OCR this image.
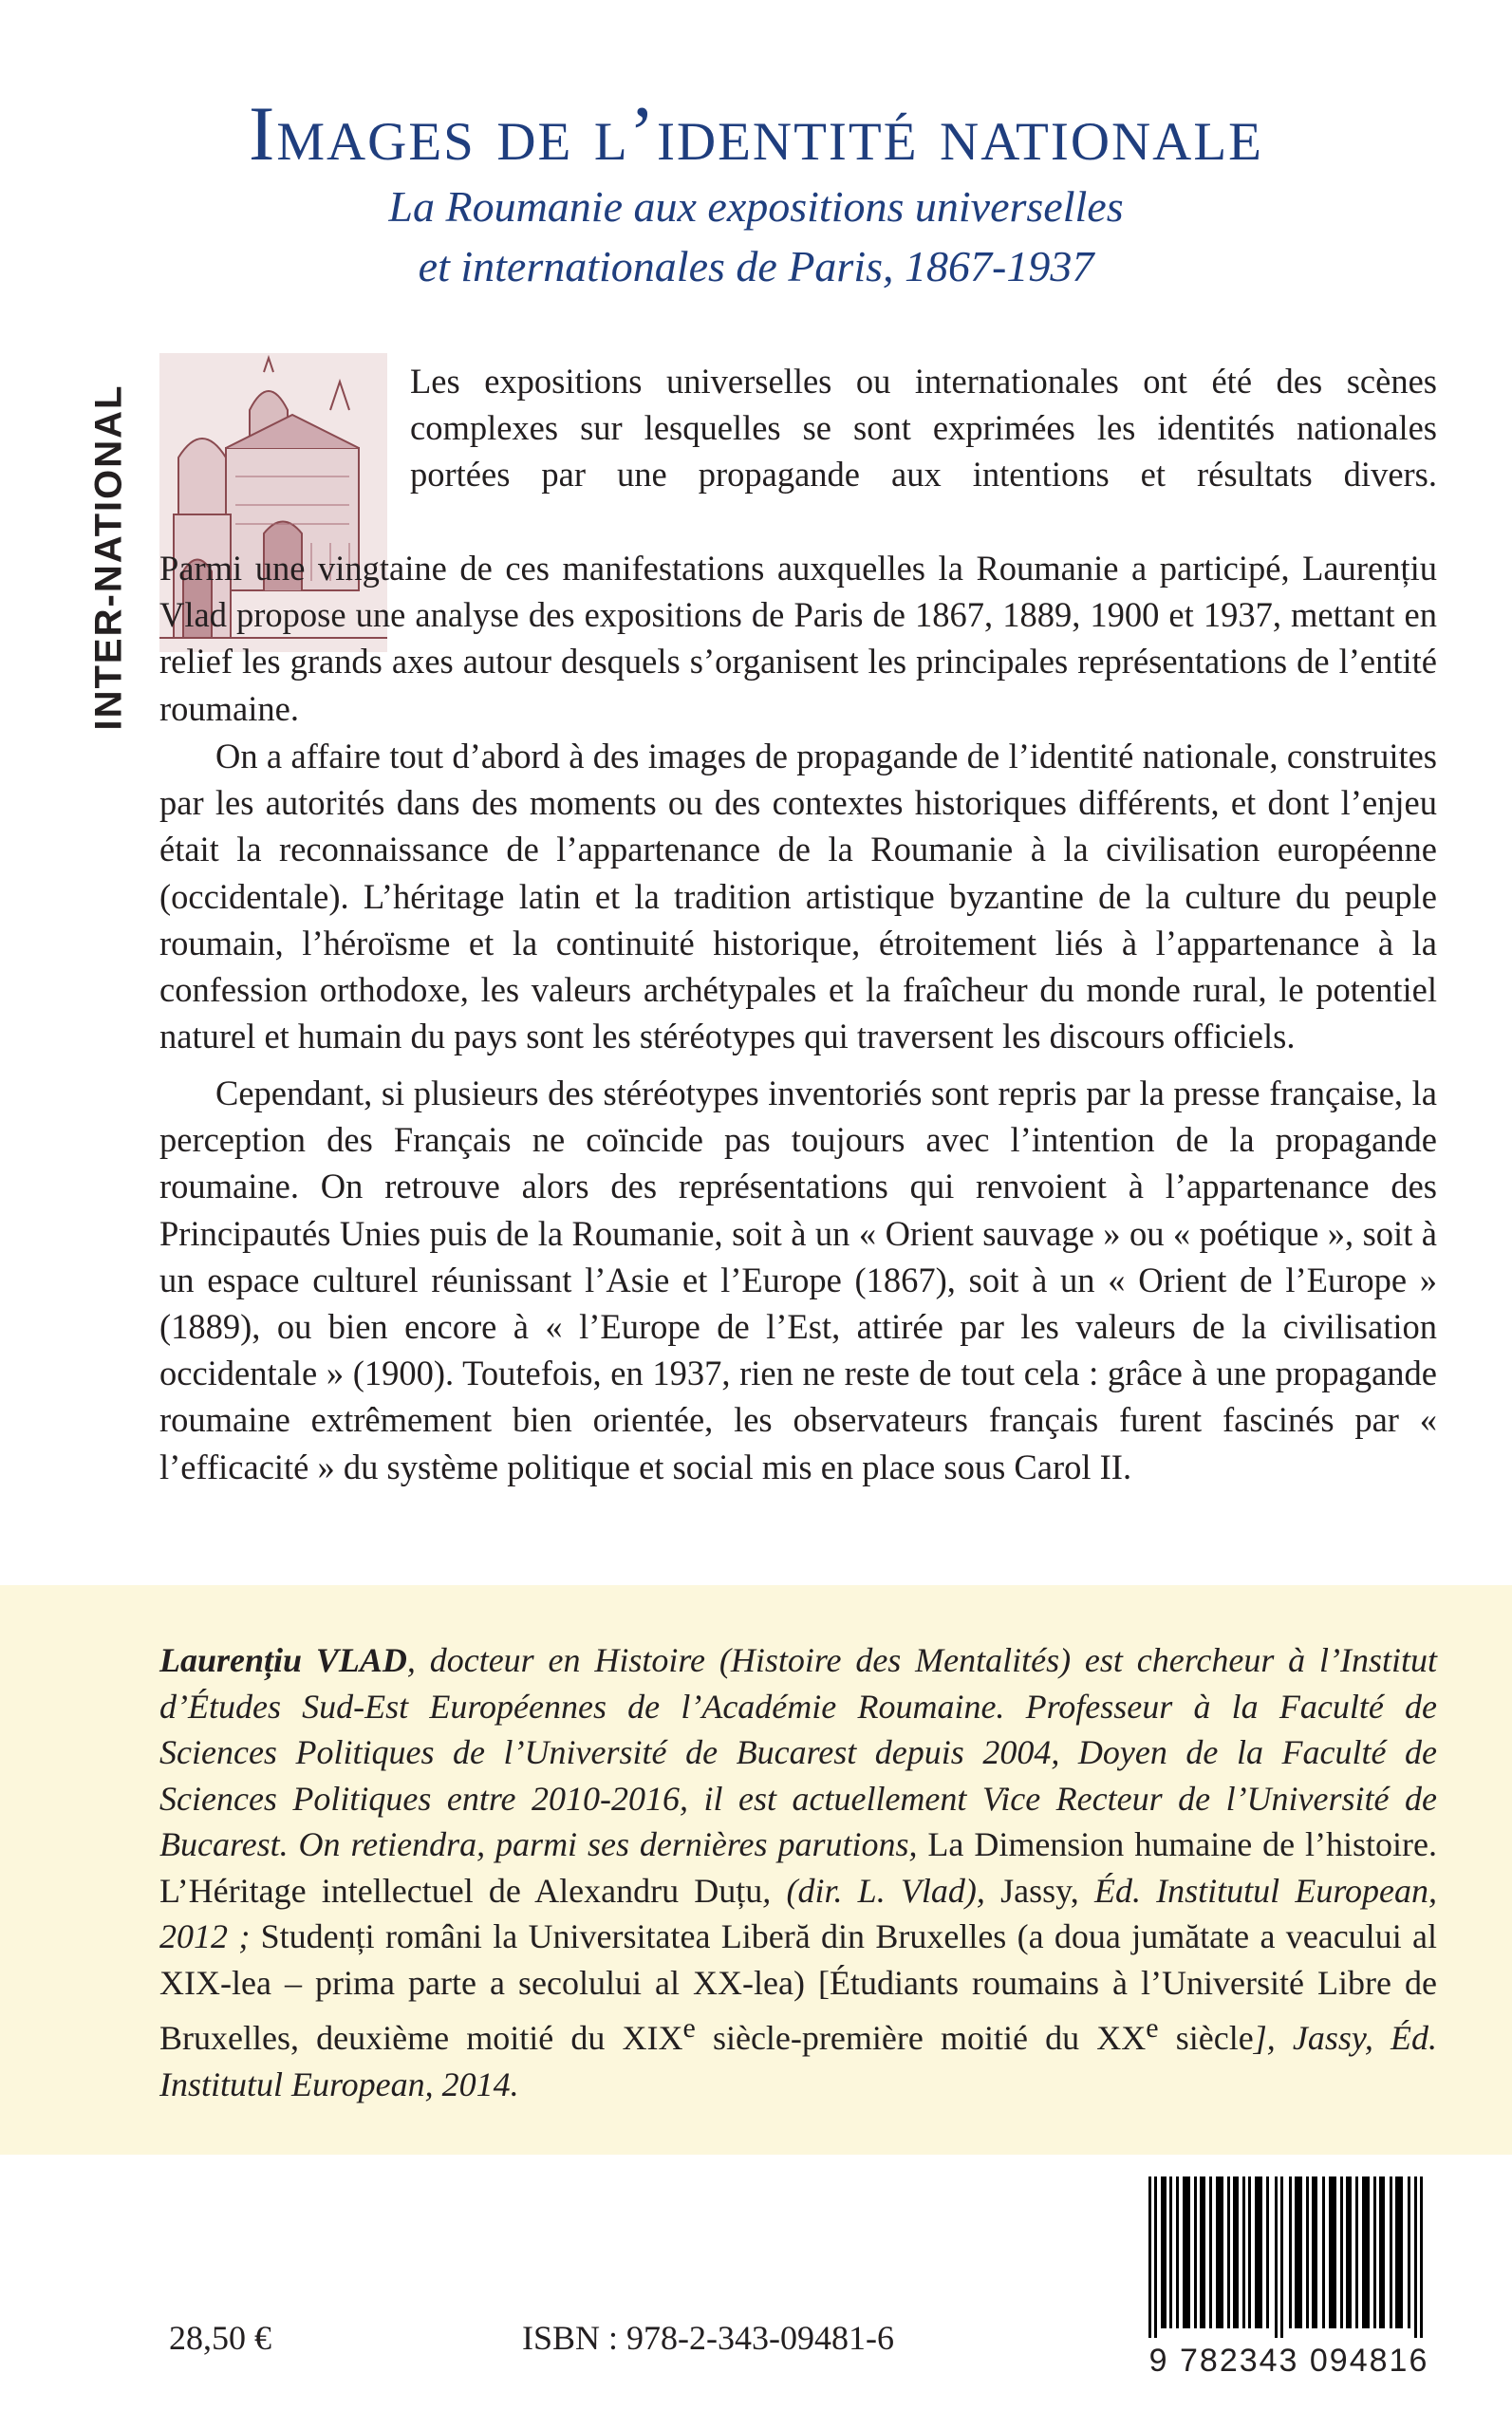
Images de l’identité nationale
La Roumanie aux expositions universelles
et internationales de Paris, 1867-1937
INTER-NATIONAL
Les expositions universelles ou internationales ont été des scènes complexes sur lesquelles se sont exprimées les identités nationales portées par une propagande aux intentions et résultats divers.

Parmi une vingtaine de ces manifestations auxquelles la Roumanie a participé, Laurențiu Vlad propose une analyse des expositions de Paris de 1867, 1889, 1900 et 1937, mettant en relief les grands axes autour desquels s’organisent les principales représentations de l’entité roumaine.

On a affaire tout d’abord à des images de propagande de l’identité nationale, construites par les autorités dans des moments ou des contextes historiques différents, et dont l’enjeu était la reconnaissance de l’appartenance de la Roumanie à la civilisation européenne (occidentale). L’héritage latin et la tradition artistique byzantine de la culture du peuple roumain, l’héroïsme et la continuité historique, étroitement liés à l’appartenance à la confession orthodoxe, les valeurs archétypales et la fraîcheur du monde rural, le potentiel naturel et humain du pays sont les stéréotypes qui traversent les discours officiels.

Cependant, si plusieurs des stéréotypes inventoriés sont repris par la presse française, la perception des Français ne coïncide pas toujours avec l’intention de la propagande roumaine. On retrouve alors des représentations qui renvoient à l’appartenance des Principautés Unies puis de la Roumanie, soit à un « Orient sauvage » ou « poétique », soit à un espace culturel réunissant l’Asie et l’Europe (1867), soit à un « Orient de l’Europe » (1889), ou bien encore à « l’Europe de l’Est, attirée par les valeurs de la civilisation occidentale » (1900). Toutefois, en 1937, rien ne reste de tout cela : grâce à une propagande roumaine extrêmement bien orientée, les observateurs français furent fascinés par « l’efficacité » du système politique et social mis en place sous Carol II.

Laurențiu VLAD, docteur en Histoire (Histoire des Mentalités) est chercheur à l’Institut d’Études Sud-Est Européennes de l’Académie Roumaine. Professeur à la Faculté de Sciences Politiques de l’Université de Bucarest depuis 2004, Doyen de la Faculté de Sciences Politiques entre 2010-2016, il est actuellement Vice Recteur de l’Université de Bucarest. On retiendra, parmi ses dernières parutions, La Dimension humaine de l’histoire. L’Héritage intellectuel de Alexandru Duțu, (dir. L. Vlad), Jassy, Éd. Institutul European, 2012 ; Studenți români la Universitatea Liberă din Bruxelles (a doua jumătate a veacului al XIX-lea – prima parte a secolului al XX-lea) [Étudiants roumains à l’Université Libre de Bruxelles, deuxième moitié du XIXe siècle-première moitié du XXe siècle], Jassy, Éd. Institutul European, 2014.
9 782343 094816
28,50 €	ISBN : 978-2-343-09481-6
